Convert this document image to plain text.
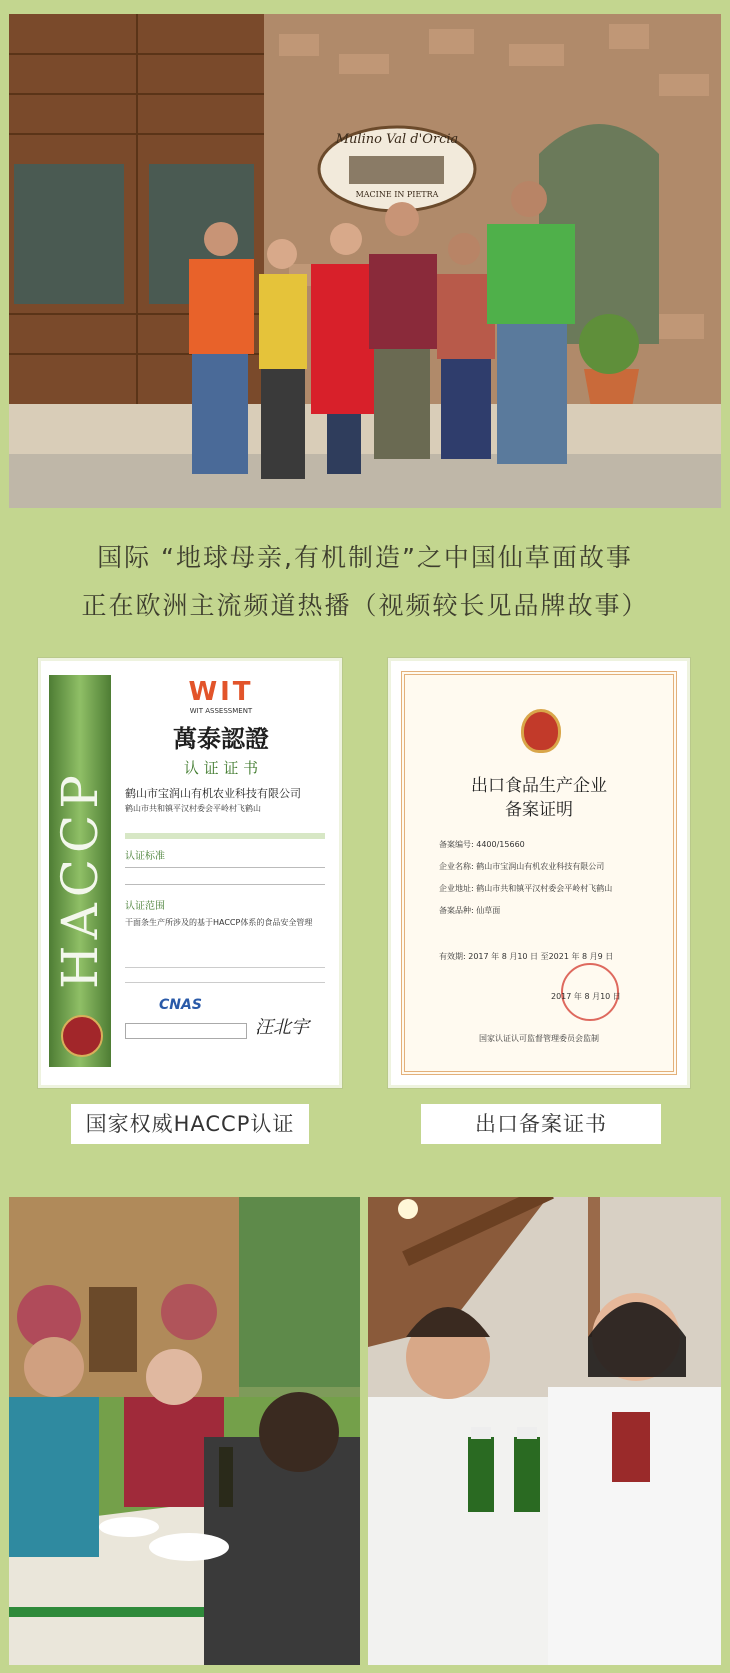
Mulino Val d'Orcia
MACINE IN PIETRA
国际 “地球母亲,有机制造”之中国仙草面故事
正在欧洲主流频道热播（视频较长见品牌故事）
HACCP
WIT
WIT ASSESSMENT
萬泰認證
认 证 证 书
鹤山市宝润山有机农业科技有限公司
鹤山市共和镇平汉村委会平岭村飞鹤山
认证标准
认证范围
干面条生产所涉及的基于HACCP体系的食品安全管理
CNAS
汪北宇
出口食品生产企业
备案证明
备案编号: 4400/15660
企业名称: 鹤山市宝润山有机农业科技有限公司
企业地址: 鹤山市共和镇平汉村委会平岭村飞鹤山
备案品种: 仙草面
有效期: 2017 年 8 月10 日 至2021 年 8 月9 日
2017 年 8 月10 日
国家认证认可监督管理委员会监制
国家权威HACCP认证	出口备案证书
